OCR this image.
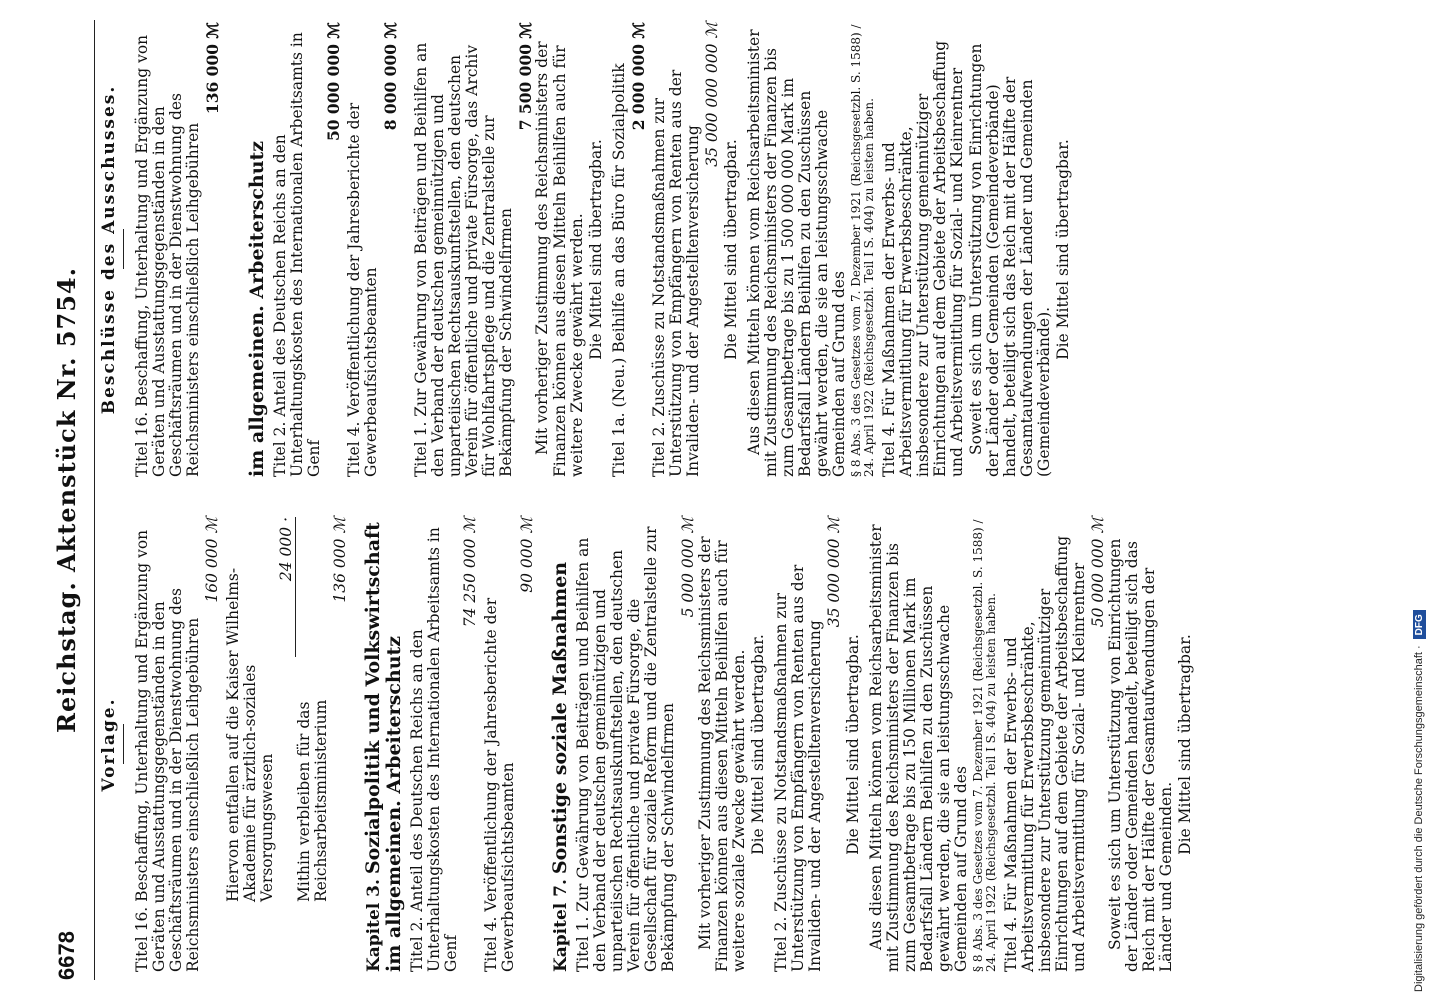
6678
Reichstag. Aktenstück Nr. 5754.
Vorlage. Titel 16. Beschaffung, Unterhaltung und Ergänzung von Geräten und Ausstattungsgegenständen in den Geschäftsräumen und in der Dienstwohnung des Reichsministers einschließlich Leihgebühren
160 000 ℳ
Hiervon entfallen auf die Kaiser Wilhelms-Akademie für ärztlich-soziales Versorgungswesen
24 000 ·
Mithin verbleiben für das Reichsarbeitsministerium
136 000 ℳ
Kapitel 3. Sozialpolitik und Volkswirtschaft im allgemeinen. Arbeiterschutz Titel 2. Anteil des Deutschen Reichs an den Unterhaltungskosten des Internationalen Arbeitsamts in Genf
74 250 000 ℳ
Titel 4. Veröffentlichung der Jahresberichte der Gewerbeaufsichtsbeamten
90 000 ℳ
Kapitel 7. Sonstige soziale Maßnahmen Titel 1. Zur Gewährung von Beiträgen und Beihilfen an den Verband der deutschen gemeinnützigen und unparteiischen Rechtsauskunftstellen, den deutschen Verein für öffentliche und private Fürsorge, die Gesellschaft für soziale Reform und die Zentralstelle zur Bekämpfung der Schwindelfirmen
5 000 000 ℳ Mit vorheriger Zustimmung des Reichsministers der Finanzen können aus diesen Mitteln Beihilfen auch für weitere soziale Zwecke gewährt werden. Die Mittel sind übertragbar. Titel 2. Zuschüsse zu Notstandsmaßnahmen zur Unterstützung von Empfängern von Renten aus der Invaliden- und der Angestelltenversicherung
35 000 000 ℳ
Die Mittel sind übertragbar. Aus diesen Mitteln können vom Reichsarbeitsminister mit Zustimmung des Reichsministers der Finanzen bis zum Gesamtbetrage bis zu 150 Millionen Mark im Bedarfsfall Ländern Beihilfen zu den Zuschüssen gewährt werden, die sie an leistungsschwache Gemeinden auf Grund des § 8 Abs. 3 des Gesetzes vom 7. Dezember 1921 (Reichsgesetzbl. S. 1588) / 24. April 1922 (Reichsgesetzbl. Teil I S. 404) zu leisten haben. Titel 4. Für Maßnahmen der Erwerbs- und Arbeitsvermittlung für Erwerbsbeschränkte, insbesondere zur Unterstützung gemeinnütziger Einrichtungen auf dem Gebiete der Arbeitsbeschaffung und Arbeitsvermittlung für Sozial- und Kleinrentner 50 000 000 ℳ Soweit es sich um Unterstützung von Einrichtungen der Länder oder Gemeinden handelt, beteiligt sich das Reich mit der Hälfte der Gesamtaufwendungen der Länder und Gemeinden.
Die Mittel sind übertragbar.
Beschlüsse des Ausschusses. Titel 16. Beschaffung, Unterhaltung und Ergänzung von Geräten und Ausstattungsgegenständen in den Geschäftsräumen und in der Dienstwohnung des Reichsministers einschließlich Leihgebühren
136 000 ℳ
im allgemeinen. Arbeiterschutz Titel 2. Anteil des Deutschen Reichs an den Unterhaltungskosten des Internationalen Arbeitsamts in Genf
50 000 000 ℳ
Titel 4. Veröffentlichung der Jahresberichte der Gewerbeaufsichtsbeamten
8 000 000 ℳ Titel 1. Zur Gewährung von Beiträgen und Beihilfen an den Verband der deutschen gemeinnützigen und unparteiischen Rechtsauskunftstellen, den deutschen Verein für öffentliche und private Fürsorge, das Archiv für Wohlfahrtspflege und die Zentralstelle zur Bekämpfung der Schwindelfirmen
7 500 000 ℳ
Mit vorheriger Zustimmung des Reichsministers der Finanzen können aus diesen Mitteln Beihilfen auch für weitere Zwecke gewährt werden. Die Mittel sind übertragbar. Titel 1a. (Neu.) Beihilfe an das Büro für Sozialpolitik 2 000 000 ℳ
Titel 2. Zuschüsse zu Notstandsmaßnahmen zur Unterstützung von Empfängern von Renten aus der Invaliden- und der Angestelltenversicherung
35 000 000 000 ℳ
Die Mittel sind übertragbar. Aus diesen Mitteln können vom Reichsarbeitsminister mit Zustimmung des Reichsministers der Finanzen bis zum Gesamtbetrage bis zu 1 500 000 000 Mark im Bedarfsfall Ländern Beihilfen zu den Zuschüssen gewährt werden, die sie an leistungsschwache Gemeinden auf Grund des § 8 Abs. 3 des Gesetzes vom 7. Dezember 1921 (Reichsgesetzbl. S. 1588) / 24. April 1922 (Reichsgesetzbl. Teil I S. 404) zu leisten haben. Titel 4. Für Maßnahmen der Erwerbs- und Arbeitsvermittlung für Erwerbsbeschränkte, insbesondere zur Unterstützung gemeinnütziger Einrichtungen auf dem Gebiete der Arbeitsbeschaffung und Arbeitsvermittlung für Sozial- und Kleinrentner Soweit es sich um Unterstützung von Einrichtungen der Länder oder Gemeinden (Gemeindeverbände) handelt, beteiligt sich das Reich mit der Hälfte der Gesamtaufwendungen der Länder und Gemeinden (Gemeindeverbände).
Die Mittel sind übertragbar.
Digitalisierung gefördert durch die Deutsche Forschungsgemeinschaft ·
DFG
